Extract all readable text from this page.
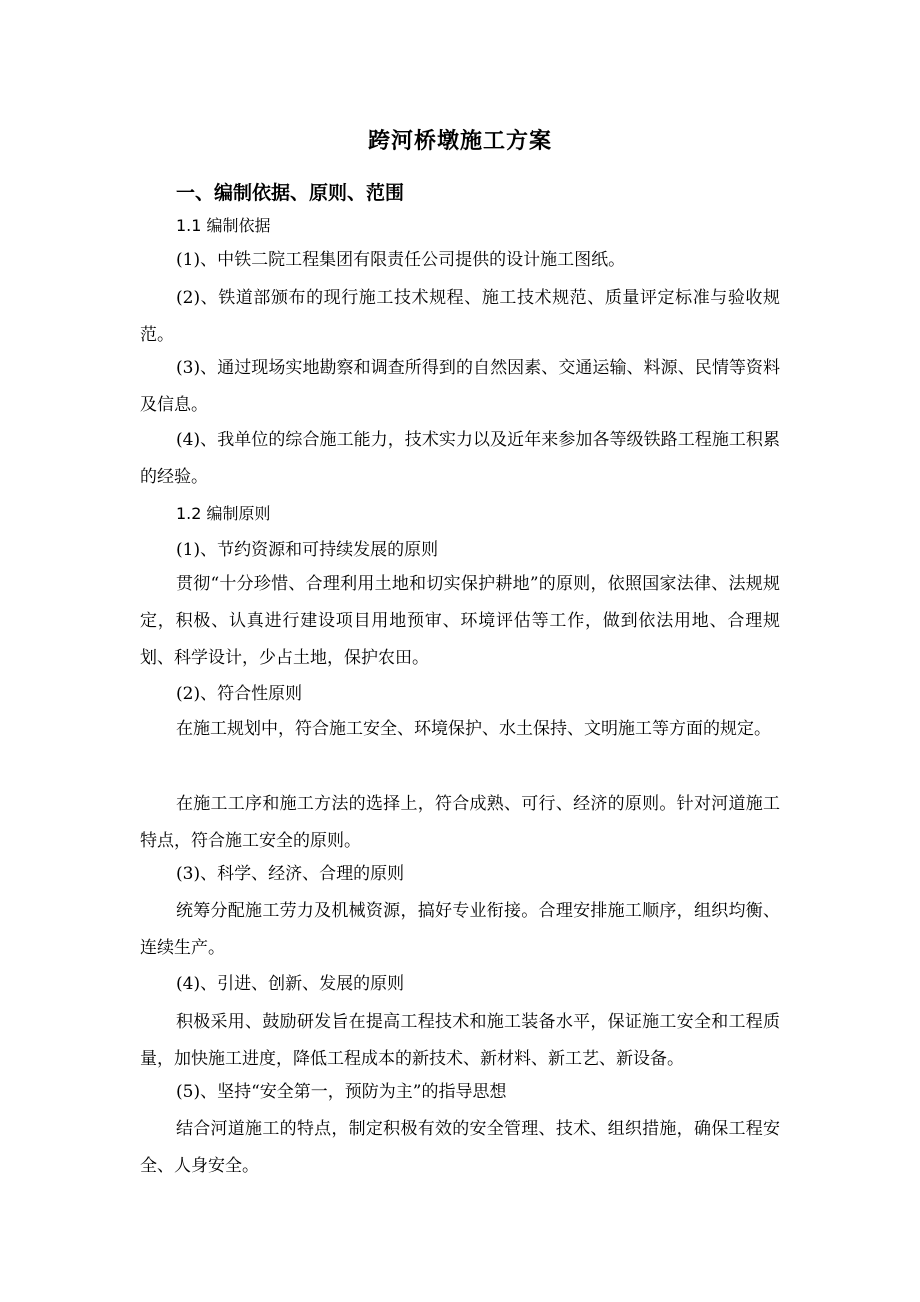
跨河桥墩施工方案
一、编制依据、原则、范围
1.1 编制依据
(1)、中铁二院工程集团有限责任公司提供的设计施工图纸。
(2)、铁道部颁布的现行施工技术规程、施工技术规范、质量评定标准与验收规范。
(3)、通过现场实地勘察和调查所得到的自然因素、交通运输、料源、民情等资料及信息。
(4)、我单位的综合施工能力，技术实力以及近年来参加各等级铁路工程施工积累的经验。
1.2 编制原则
(1)、节约资源和可持续发展的原则
贯彻“十分珍惜、合理利用土地和切实保护耕地”的原则，依照国家法律、法规规定，积极、认真进行建设项目用地预审、环境评估等工作，做到依法用地、合理规划、科学设计，少占土地，保护农田。
(2)、符合性原则
在施工规划中，符合施工安全、环境保护、水土保持、文明施工等方面的规定。
在施工工序和施工方法的选择上，符合成熟、可行、经济的原则。针对河道施工特点，符合施工安全的原则。
(3)、科学、经济、合理的原则
统筹分配施工劳力及机械资源，搞好专业衔接。合理安排施工顺序，组织均衡、连续生产。
(4)、引进、创新、发展的原则
积极采用、鼓励研发旨在提高工程技术和施工装备水平，保证施工安全和工程质量，加快施工进度，降低工程成本的新技术、新材料、新工艺、新设备。
(5)、坚持“安全第一，预防为主”的指导思想
结合河道施工的特点，制定积极有效的安全管理、技术、组织措施，确保工程安全、人身安全。
